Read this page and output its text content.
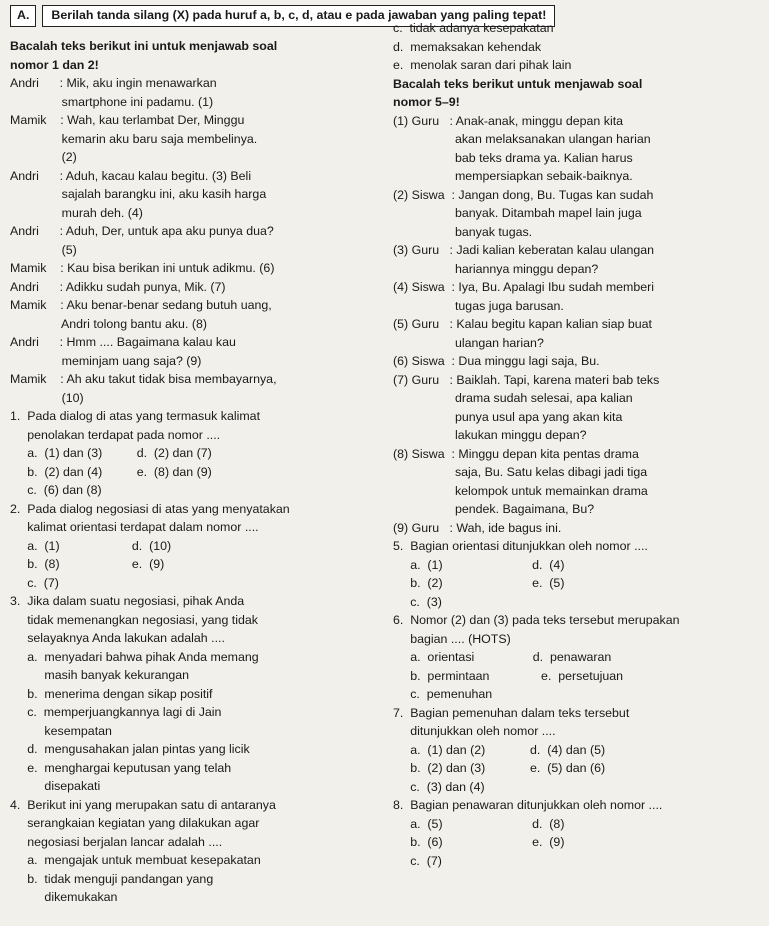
A.	Berilah tanda silang (X) pada huruf a, b, c, d, atau e pada jawaban yang paling tepat!
Bacalah teks berikut ini untuk menjawab soal
nomor 1 dan 2!
Andri      : Mik, aku ingin menawarkan
smartphone ini padamu. (1)
Mamik    : Wah, kau terlambat Der, Minggu
kemarin aku baru saja membelinya.
(2)
Andri      : Aduh, kacau kalau begitu. (3) Beli
sajalah barangku ini, aku kasih harga
murah deh. (4)
Andri      : Aduh, Der, untuk apa aku punya dua?
(5)
Mamik    : Kau bisa berikan ini untuk adikmu. (6)
Andri      : Adikku sudah punya, Mik. (7)
Mamik    : Aku benar-benar sedang butuh uang,
Andri tolong bantu aku. (8)
Andri      : Hmm .... Bagaimana kalau kau
meminjam uang saja? (9)
Mamik    : Ah aku takut tidak bisa membayarnya,
(10)
1.  Pada dialog di atas yang termasuk kalimat
penolakan terdapat pada nomor ....
a.  (1) dan (3)          d.  (2) dan (7)
b.  (2) dan (4)          e.  (8) dan (9)
c.  (6) dan (8)
2.  Pada dialog negosiasi di atas yang menyatakan
kalimat orientasi terdapat dalam nomor ....
a.  (1)                     d.  (10)
b.  (8)                     e.  (9)
c.  (7)
3.  Jika dalam suatu negosiasi, pihak Anda
tidak memenangkan negosiasi, yang tidak
selayaknya Anda lakukan adalah ....
a.  menyadari bahwa pihak Anda memang
masih banyak kekurangan
b.  menerima dengan sikap positif
c.  memperjuangkannya lagi di Jain
kesempatan
d.  mengusahakan jalan pintas yang licik
e.  menghargai keputusan yang telah
disepakati
4.  Berikut ini yang merupakan satu di antaranya
serangkaian kegiatan yang dilakukan agar
negosiasi berjalan lancar adalah ....
a.  mengajak untuk membuat kesepakatan
b.  tidak menguji pandangan yang
dikemukakan
c.  tidak adanya kesepakatan
d.  memaksakan kehendak
e.  menolak saran dari pihak lain
Bacalah teks berikut untuk menjawab soal
nomor 5–9!
(1) Guru   : Anak-anak, minggu depan kita
akan melaksanakan ulangan harian
bab teks drama ya. Kalian harus
mempersiapkan sebaik-baiknya.
(2) Siswa  : Jangan dong, Bu. Tugas kan sudah
banyak. Ditambah mapel lain juga
banyak tugas.
(3) Guru   : Jadi kalian keberatan kalau ulangan
hariannya minggu depan?
(4) Siswa  : Iya, Bu. Apalagi Ibu sudah memberi
tugas juga barusan.
(5) Guru   : Kalau begitu kapan kalian siap buat
ulangan harian?
(6) Siswa  : Dua minggu lagi saja, Bu.
(7) Guru   : Baiklah. Tapi, karena materi bab teks
drama sudah selesai, apa kalian
punya usul apa yang akan kita
lakukan minggu depan?
(8) Siswa  : Minggu depan kita pentas drama
saja, Bu. Satu kelas dibagi jadi tiga
kelompok untuk memainkan drama
pendek. Bagaimana, Bu?
(9) Guru   : Wah, ide bagus ini.
5.  Bagian orientasi ditunjukkan oleh nomor ....
a.  (1)                          d.  (4)
b.  (2)                          e.  (5)
c.  (3)
6.  Nomor (2) dan (3) pada teks tersebut merupakan
bagian .... (HOTS)
a.  orientasi                 d.  penawaran
b.  permintaan               e.  persetujuan
c.  pemenuhan
7.  Bagian pemenuhan dalam teks tersebut
ditunjukkan oleh nomor ....
a.  (1) dan (2)             d.  (4) dan (5)
b.  (2) dan (3)             e.  (5) dan (6)
c.  (3) dan (4)
8.  Bagian penawaran ditunjukkan oleh nomor ....
a.  (5)                          d.  (8)
b.  (6)                          e.  (9)
c.  (7)
